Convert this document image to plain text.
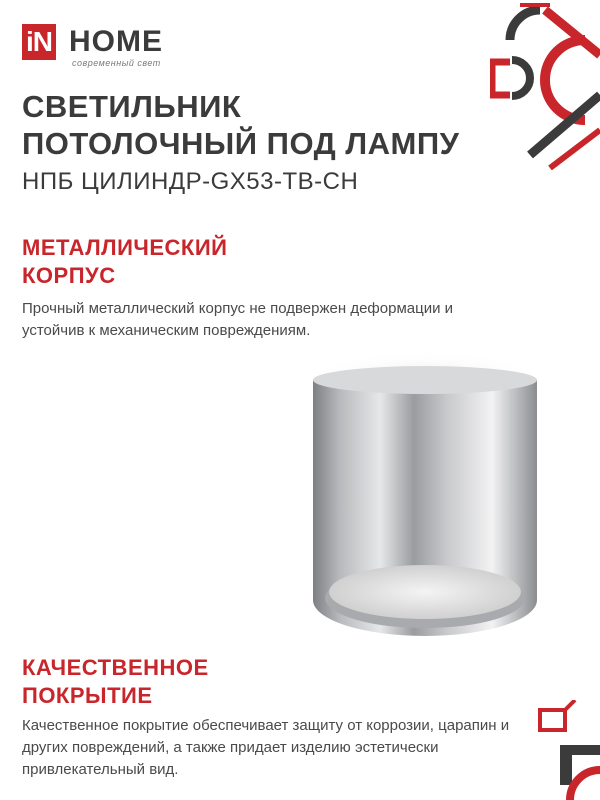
iN HOME
современный свет
СВЕТИЛЬНИК
ПОТОЛОЧНЫЙ ПОД ЛАМПУ
НПБ ЦИЛИНДР-GX53-ТВ-СН
МЕТАЛЛИЧЕСКИЙ
КОРПУС
Прочный металлический корпус не подвержен деформации и устойчив к механическим повреждениям.
КАЧЕСТВЕННОЕ
ПОКРЫТИЕ
Качественное покрытие обеспечивает защиту от коррозии, царапин и других повреждений, а также придает изделию эстетически привлекательный вид.
